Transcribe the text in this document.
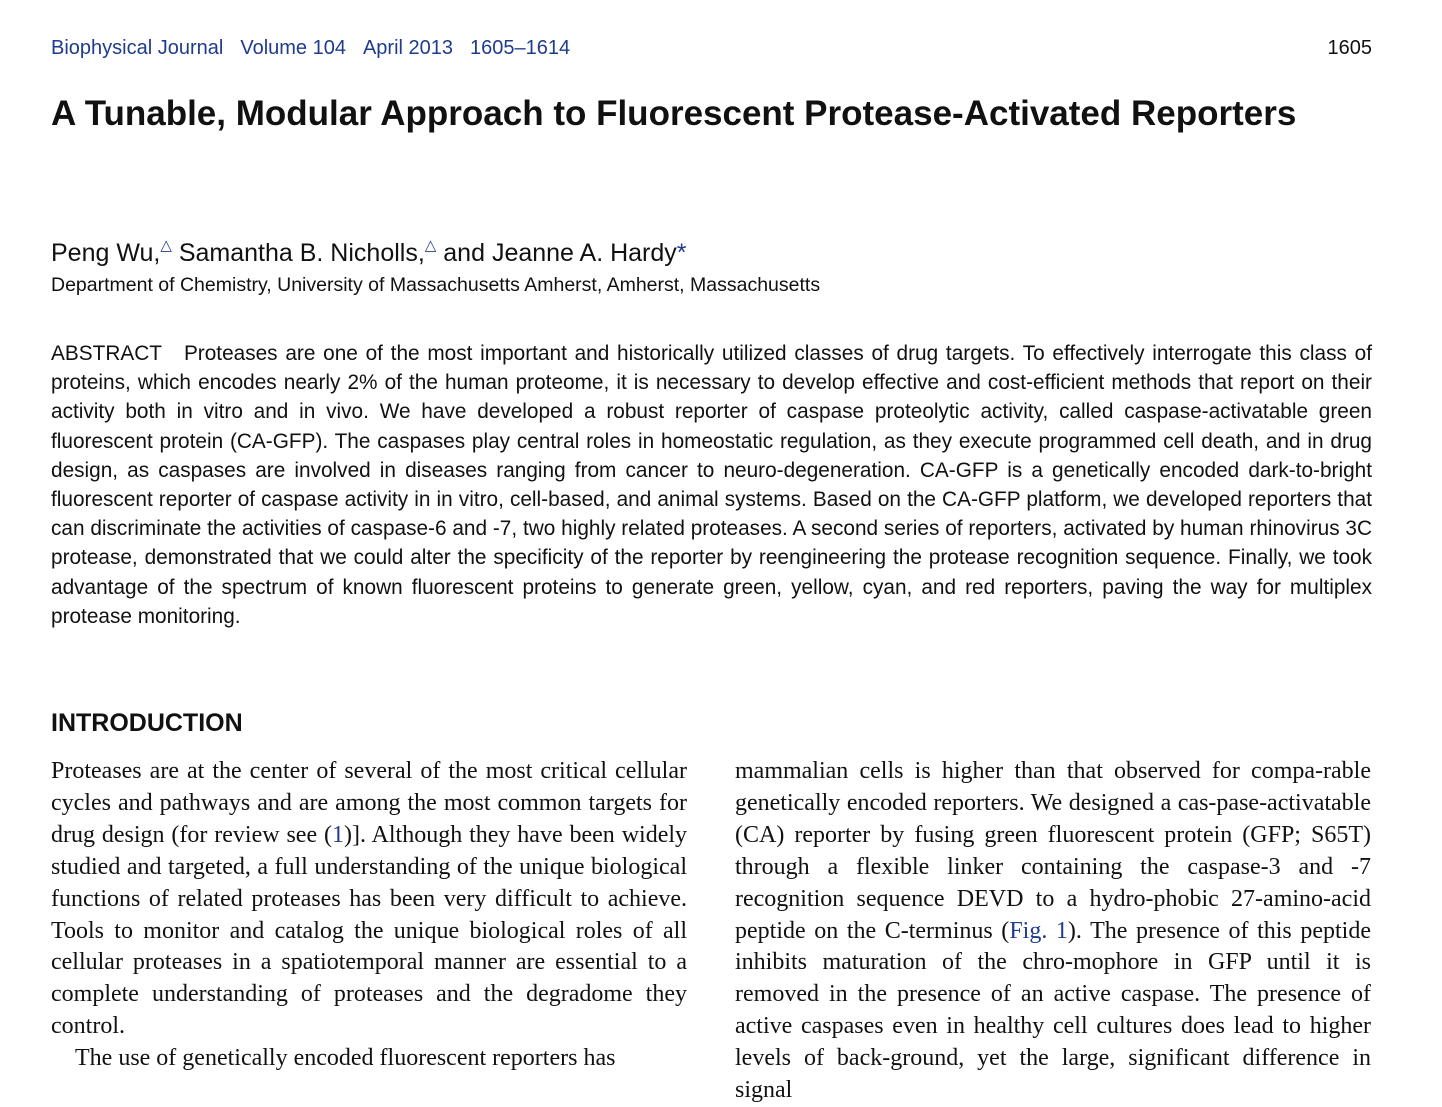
Biophysical Journal Volume 104 April 2013 1605–1614	1605
A Tunable, Modular Approach to Fluorescent Protease-Activated Reporters
Peng Wu,△ Samantha B. Nicholls,△ and Jeanne A. Hardy*
Department of Chemistry, University of Massachusetts Amherst, Amherst, Massachusetts
ABSTRACT Proteases are one of the most important and historically utilized classes of drug targets. To effectively interrogate this class of proteins, which encodes nearly 2% of the human proteome, it is necessary to develop effective and cost-efficient methods that report on their activity both in vitro and in vivo. We have developed a robust reporter of caspase proteolytic activity, called caspase-activatable green fluorescent protein (CA-GFP). The caspases play central roles in homeostatic regulation, as they execute programmed cell death, and in drug design, as caspases are involved in diseases ranging from cancer to neuro-degeneration. CA-GFP is a genetically encoded dark-to-bright fluorescent reporter of caspase activity in in vitro, cell-based, and animal systems. Based on the CA-GFP platform, we developed reporters that can discriminate the activities of caspase-6 and -7, two highly related proteases. A second series of reporters, activated by human rhinovirus 3C protease, demonstrated that we could alter the specificity of the reporter by reengineering the protease recognition sequence. Finally, we took advantage of the spectrum of known fluorescent proteins to generate green, yellow, cyan, and red reporters, paving the way for multiplex protease monitoring.
INTRODUCTION

Proteases are at the center of several of the most critical cellular cycles and pathways and are among the most common targets for drug design (for review see (1)]. Although they have been widely studied and targeted, a full understanding of the unique biological functions of related proteases has been very difficult to achieve. Tools to monitor and catalog the unique biological roles of all cellular proteases in a spatiotemporal manner are essential to a complete understanding of proteases and the degradome they control.

The use of genetically encoded fluorescent reporters has

mammalian cells is higher than that observed for compa-rable genetically encoded reporters. We designed a cas-pase-activatable (CA) reporter by fusing green fluorescent protein (GFP; S65T) through a flexible linker containing the caspase-3 and -7 recognition sequence DEVD to a hydro-phobic 27-amino-acid peptide on the C-terminus (Fig. 1). The presence of this peptide inhibits maturation of the chro-mophore in GFP until it is removed in the presence of an active caspase. The presence of active caspases even in healthy cell cultures does lead to higher levels of back-ground, yet the large, significant difference in signal
